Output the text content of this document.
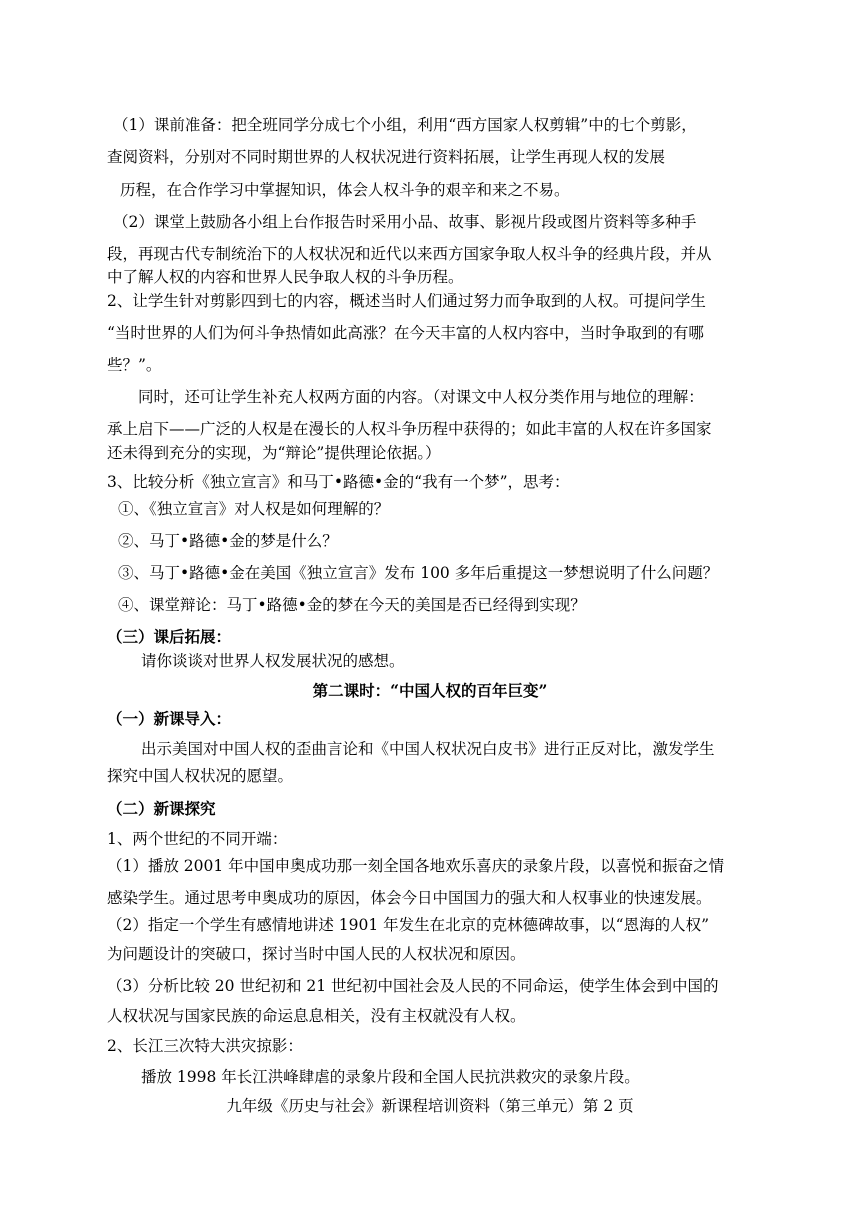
（1）课前准备：把全班同学分成七个小组，利用“西方国家人权剪辑”中的七个剪影，
查阅资料，分别对不同时期世界的人权状况进行资料拓展，让学生再现人权的发展
历程，在合作学习中掌握知识，体会人权斗争的艰辛和来之不易。
（2）课堂上鼓励各小组上台作报告时采用小品、故事、影视片段或图片资料等多种手
段，再现古代专制统治下的人权状况和近代以来西方国家争取人权斗争的经典片段，并从
中了解人权的内容和世界人民争取人权的斗争历程。
2、让学生针对剪影四到七的内容，概述当时人们通过努力而争取到的人权。可提问学生
“当时世界的人们为何斗争热情如此高涨？在今天丰富的人权内容中，当时争取到的有哪
些？”。
同时，还可让学生补充人权两方面的内容。（对课文中人权分类作用与地位的理解：
承上启下——广泛的人权是在漫长的人权斗争历程中获得的；如此丰富的人权在许多国家
还未得到充分的实现，为“辩论”提供理论依据。）
3、比较分析《独立宣言》和马丁•路德•金的“我有一个梦”，思考：
①、《独立宣言》对人权是如何理解的？
②、马丁•路德•金的梦是什么？
③、马丁•路德•金在美国《独立宣言》发布 100 多年后重提这一梦想说明了什么问题？
④、课堂辩论：马丁•路德•金的梦在今天的美国是否已经得到实现？
（三）课后拓展：
请你谈谈对世界人权发展状况的感想。
第二课时：“中国人权的百年巨变”
（一）新课导入：
出示美国对中国人权的歪曲言论和《中国人权状况白皮书》进行正反对比，激发学生
探究中国人权状况的愿望。
（二）新课探究
1、两个世纪的不同开端：
（1）播放 2001 年中国申奥成功那一刻全国各地欢乐喜庆的录象片段，以喜悦和振奋之情
感染学生。通过思考申奥成功的原因，体会今日中国国力的强大和人权事业的快速发展。
（2）指定一个学生有感情地讲述 1901 年发生在北京的克林德碑故事，以“恩海的人权”
为问题设计的突破口，探讨当时中国人民的人权状况和原因。
（3）分析比较 20 世纪初和 21 世纪初中国社会及人民的不同命运，使学生体会到中国的
人权状况与国家民族的命运息息相关，没有主权就没有人权。
2、长江三次特大洪灾掠影：
播放 1998 年长江洪峰肆虐的录象片段和全国人民抗洪救灾的录象片段。
九年级《历史与社会》新课程培训资料（第三单元）第 2 页
